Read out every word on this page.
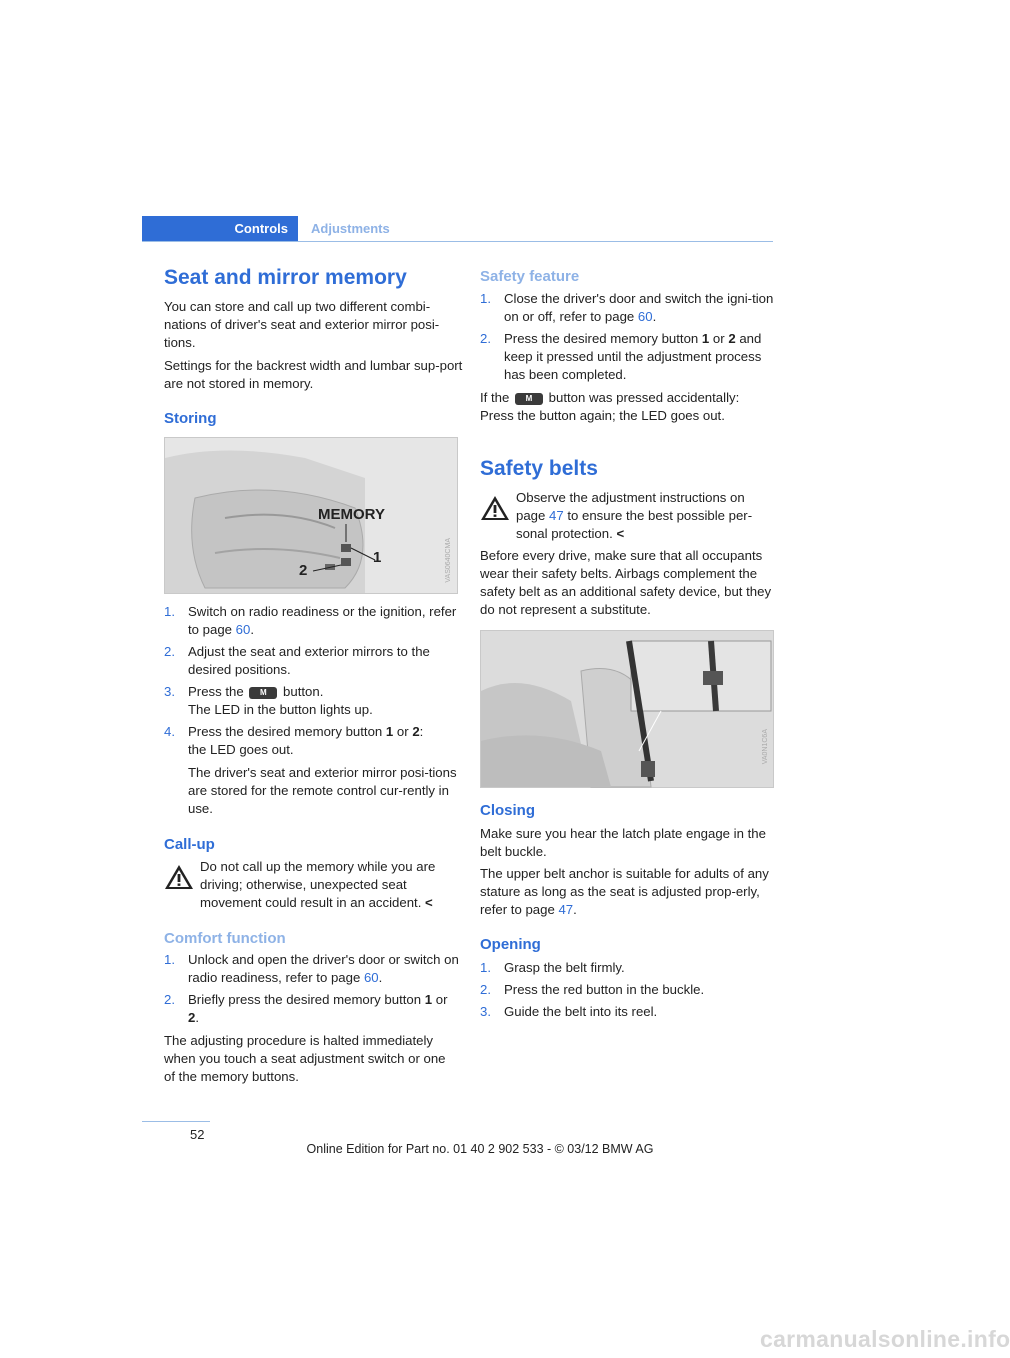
Controls	Adjustments
Seat and mirror memory

You can store and call up two different combi-nations of driver's seat and exterior mirror posi-tions.

Settings for the backrest width and lumbar sup-port are not stored in memory.

Storing
MEMORY
1
2	VAS0640CMA
1. Switch on radio readiness or the ignition, refer to page 60.
2. Adjust the seat and exterior mirrors to the desired positions.
3. Press the M button.
The LED in the button lights up.
4. Press the desired memory button 1 or 2:
the LED goes out.

The driver's seat and exterior mirror posi-tions are stored for the remote control cur-rently in use.

Call-up

Do not call up the memory while you are driving; otherwise, unexpected seat movement could result in an accident. <

Comfort function
1. Unlock and open the driver's door or switch on radio readiness, refer to page 60.
2. Briefly press the desired memory button 1 or 2.

The adjusting procedure is halted immediately when you touch a seat adjustment switch or one of the memory buttons.

Safety feature
1. Close the driver's door and switch the igni-tion on or off, refer to page 60.
2. Press the desired memory button 1 or 2 and keep it pressed until the adjustment process has been completed.

If the M button was pressed accidentally: Press the button again; the LED goes out.

Safety belts

Observe the adjustment instructions on page 47 to ensure the best possible per-sonal protection. <

Before every drive, make sure that all occupants wear their safety belts. Airbags complement the safety belt as an additional safety device, but they do not represent a substitute.

VA0N1C6A
Closing

Make sure you hear the latch plate engage in the belt buckle.

The upper belt anchor is suitable for adults of any stature as long as the seat is adjusted prop-erly, refer to page 47.

Opening
1. Grasp the belt firmly.
2. Press the red button in the buckle.
3. Guide the belt into its reel.
52
Online Edition for Part no. 01 40 2 902 533 - © 03/12 BMW AG
carmanualsonline.info
